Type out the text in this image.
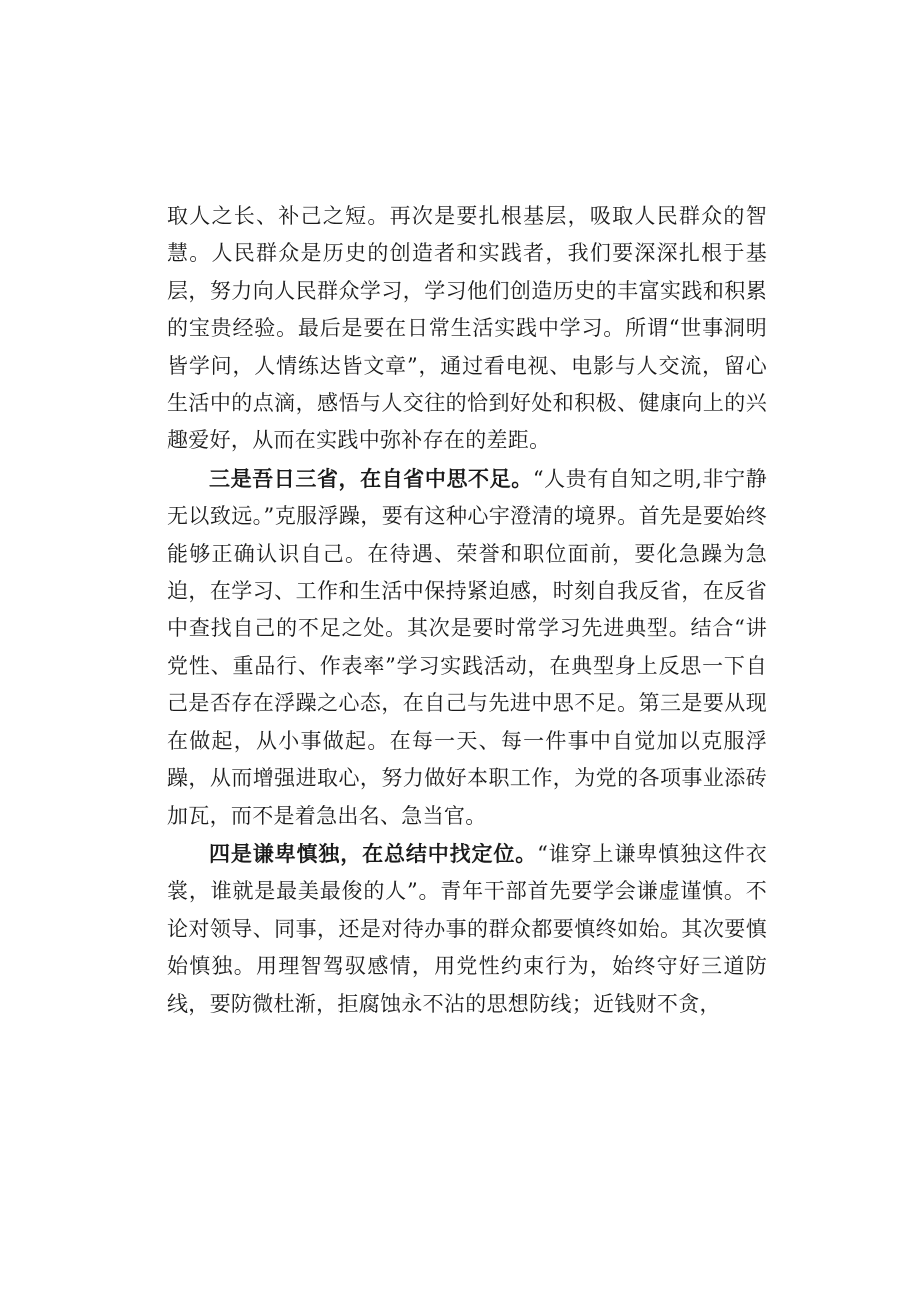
取人之长、补己之短。再次是要扎根基层，吸取人民群众的智慧。人民群众是历史的创造者和实践者，我们要深深扎根于基层，努力向人民群众学习，学习他们创造历史的丰富实践和积累的宝贵经验。最后是要在日常生活实践中学习。所谓“世事洞明皆学问，人情练达皆文章”，通过看电视、电影与人交流，留心生活中的点滴，感悟与人交往的恰到好处和积极、健康向上的兴趣爱好，从而在实践中弥补存在的差距。

三是吾日三省，在自省中思不足。“人贵有自知之明,非宁静无以致远。”克服浮躁，要有这种心宇澄清的境界。首先是要始终能够正确认识自己。在待遇、荣誉和职位面前，要化急躁为急迫，在学习、工作和生活中保持紧迫感，时刻自我反省，在反省中查找自己的不足之处。其次是要时常学习先进典型。结合“讲党性、重品行、作表率”学习实践活动，在典型身上反思一下自己是否存在浮躁之心态，在自己与先进中思不足。第三是要从现在做起，从小事做起。在每一天、每一件事中自觉加以克服浮躁，从而增强进取心，努力做好本职工作，为党的各项事业添砖加瓦，而不是着急出名、急当官。

四是谦卑慎独，在总结中找定位。“谁穿上谦卑慎独这件衣裳，谁就是最美最俊的人”。青年干部首先要学会谦虚谨慎。不论对领导、同事，还是对待办事的群众都要慎终如始。其次要慎始慎独。用理智驾驭感情，用党性约束行为，始终守好三道防线，要防微杜渐，拒腐蚀永不沾的思想防线；近钱财不贪，
